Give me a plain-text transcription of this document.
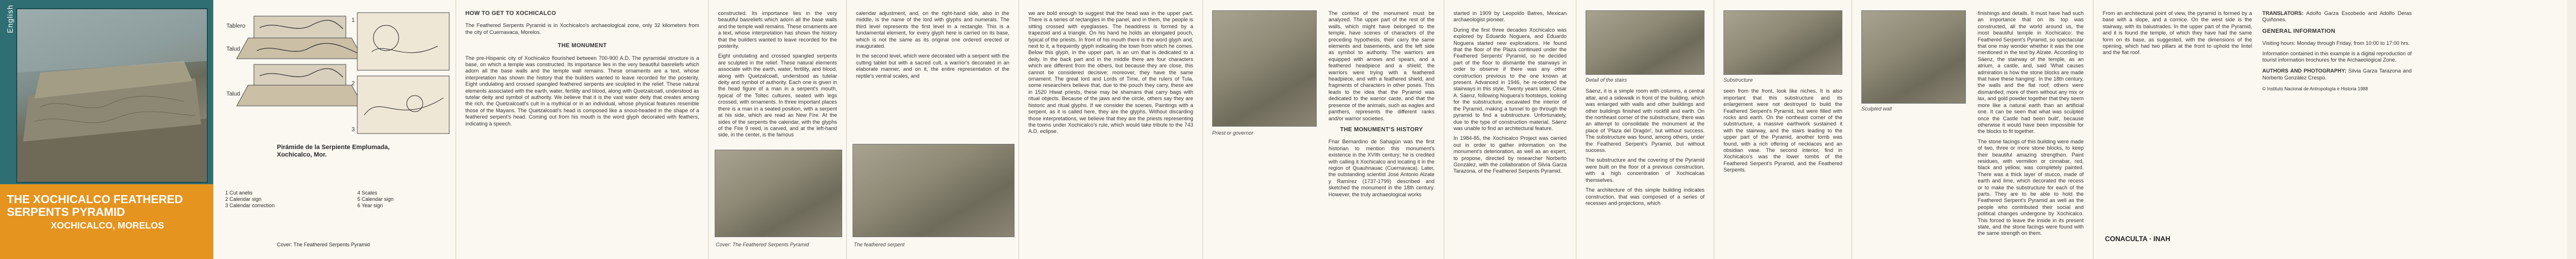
English
THE XOCHICALCO FEATHERED SERPENTS PYRAMID
XOCHICALCO, MORELOS
Tablero
Talud
Talud
1
2
3
Pirámide de la Serpiente Emplumada,
Xochicalco, Mor.
1 Cut anelis
2 Calendar sign
3 Calendar correction
4 Scales
5 Calendar sign
6 Year sign
Cover: The Feathered Serpents Pyramid
HOW TO GET TO XOCHICALCO

The Feathered Serpents Pyramid is in Xochicalco's archaeological zone, only 32 kilometers from the city of Cuernavaca, Morelos.

THE MONUMENT

The pre-Hispanic city of Xochicalco flourished between 700-900 A.D. The pyramidal structure is a base, on which a temple was constructed. Its importance lies in the very beautiful basreliefs which adorn all the base walls and the temple wall remains. These ornaments are a text, whose interpretation has shown the history that the builders wanted to leave recorded for the posterity. Eight undulating and crossed spangled feathered serpents are sculpted in the relief. These natural elements associated with the earth, water, fertility and blood, along with Quetzalcoatl, understood as tutelar deity and symbol of authority. We believe that it is the vast water deity that creates among the rich, the Quetzalcoatl's cult in a mythical or in an individual, whose physical features resemble those of the Mayans. The Quetzalcoatl's head is composed like a snout-headed in the shape of a feathered serpent's head. Coming out from his mouth is the word glyph decorated with feathers, indicating a speech.

constructed. Its importance lies in the very beautiful basreliefs which adorn all the base walls and the temple wall remains. These ornaments are a text, whose interpretation has shown the history that the builders wanted to leave recorded for the posterity.

Eight undulating and crossed spangled serpents are sculpted in the relief. These natural elements associate with the earth, water, fertility, and blood, along with Quetzalcoatl, understood as tutelar deity and symbol of authority. Each one is given in the head figure of a man in a serpent's mouth, typical of the Toltec cultures, seated with legs crossed, with ornaments. In three important places there is a man in a seated position, with a serpent at his side, which are read as New Fire. At the sides of the serpents the calendar, with the glyphs of the Fire 9 reed, is carved, and at the left-hand side, in the center, is the famous

Cover: The Feathered Serpents Pyramid

calendar adjustment, and, on the right-hand side, also in the middle, is the name of the lord with glyphs and numerals. The third level represents the first level in a rectangle. This is a fundamental element, for every glyph here is carried on its base, which is not the same as its original one ordered erected or inaugurated.

In the second level, which were decorated with a serpent with the cutting tablet but with a sacred cult, a warrior's decorated in an elaborate manner, and on it, the entire representation of the reptile's ventral scales, and

The feathered serpent

we are bold enough to suggest that the head was in the upper part. There is a series of rectangles in the panel, and in them, the people is sitting crossed with eyeglasses. The headdress is formed by a trapezoid and a triangle. On his hand he holds an elongated pouch, typical of the priests. In front of his mouth there is the word glyph and, next to it, a frequently glyph indicating the town from which he comes. Below this glyph, in the upper part, is an urn that is dedicated to a deity. In the back part and in the middle there are four characters which are different from the others, but because they are close, this cannot be considered decisive; moreover, they have the same ornament. The great lord and Lords of Time, of the rulers of Tula, some researchers believe that, due to the pouch they carry, these are in 1520 Hiwat priests, these may be shamans that carry bags with ritual objects. Because of the jaws and the circle, others say they are historic and ritual glyphs. If we consider the scenes, Paintings with a serpent, as it is called here, they are the glyphs. Without discarding those interpretations, we believe that they are the priests representing the towns under Xochicalco's rule, which would take tribute to the 743 A.D. eclipse.	Priest or governor

The context of the monument must be analyzed. The upper part of the rest of the walls, which might have belonged to the temple, have scenes of characters of the preceding hypothesis, their carry the same elements and basements, and the left side as symbol to authority. The warriors are equipped with arrows and spears, and a feathered headpiece and a shield; the warriors were trying with a feathered headpiece, and with a feathered shield, and fragments of characters in other poses. This leads to the idea that the Pyramid was dedicated to the warrior caste, and that the presence of the animals, such as eagles and panthers, represents the different ranks and/or warrior societies.

THE MONUMENT'S HISTORY

Friar Bernardino de Sahagún was the first historian to mention this monument's existence in the XVIth century; he is credited with calling it Xochicalco and locating it in the region of Quauhnauac (Cuernavaca). Later, the outstanding scientist José Antonio Alzate y Ramírez (1737-1799) described and sketched the monument in the 18th century. However, the truly archaeological works

started in 1909 by Leopoldo Batres, Mexican archaeologist pioneer.

During the first three decades Xochicalco was explored by Eduardo Noguera, and Eduardo Noguera started new explorations. He found that the floor of the Plaza continued under the Feathered Serpents' Pyramid, so he decided part of the floor to dismantle the stairways in order to observe if there was any other construction previous to the one known at present. Advanced in 1946, he re-ordered the stairways in this style. Twenty years later, César A. Sáenz, following Noguera's footsteps, looking for the substructure, excavated the interior of the Pyramid, making a tunnel to go through the pyramid to find a substructure. Unfortunately, due to the type of construction material, Sáenz was unable to find an architectural feature.

In 1984-85, the Xochicalco Project was carried out in order to gather information on the monument's deterioration, as well as an expert, to propose, directed by researcher Norberto González, with the collaboration of Silvia Garza Tarazona, of the Feathered Serpents Pyramid.

Detail of the stairs

Sáenz, it is a simple room with columns, a central altar, and a sidewalk in front of the building, which was enlarged with walls and other buildings and other buildings finished with rockfill and earth. On the northeast corner of the substructure, there was an attempt to consolidate the monument at the place of 'Plaza del Dragón', but without success. The substructure was found, among others, under the Feathered Serpent's Pyramid, but without success.

The substructure and the covering of the Pyramid were built on the floor of a previous construction, with a high concentration of Xochicalcas themselves.

The architecture of this simple building indicates construction, that was composed of a series of recesses and projections, which

Substructure

seen from the front, look like niches. It is also important that this substructure and its enlargement were not destroyed to build the Feathered Serpent's Pyramid, but were filled with rocks and earth. On the northeast corner of the substructure, a massive earthwork sustained it with the stairway, and the stairs leading to the upper part of the Pyramid, another tomb was found, with a rich offering of necklaces and an obsidian vase. The second interior, find in Xochicalco's was the lower tombs of the Feathered Serpent's Pyramid, and the Feathered Serpents.

Sculpted wall

finishings and details. It must have had such an importance that on its top was constructed, all the world around us, the most beautiful temple in Xochicalco: the Feathered Serpent's Pyramid, so spectacular that one may wonder whether it was the one mentioned in the text by Alzate. According to Sáenz, the stairway of the temple, as an atrium, a castle, and, said 'What causes admiration is how the stone blocks are made that have these hanging'. In the 18th century, the walls and the flat roof; others were dismantled; more of them without any mix or lax, and gold powder together that they seem more like a natural earth than an artificial one. It can be seen that what was sculpted once the Castle had been built', because otherwise it would have been impossible for the blocks to fit together.

The stone facings of this building were made of two, three or more stone blocks, to keep their beautiful amazing strengthen. Paint residues, with vermilion or cinnabar, red, black and yellow, was completely painted. There was a thick layer of stucco, made of earth and lime, which decorated the recess or to make the substructure for each of the parts. They are to be able to hold the Feathered Serpent's Pyramid as well as the people who contributed their social and political changes undergone by Xochicalco. This forced to leave the inside in its present state, and the stone facings were found with the same strength on them.

From an architectural point of view, the pyramid is formed by a base with a slope, and a cornice. On the west side is the stairway, with its balustrades. In the upper part of the Pyramid, and it is found the temple, of which they have had the same form on its base, as suggested, with the dimensions of the opening, which had two pillars at the front to uphold the lintel and the flat roof.

TRANSLATORS: Adolfo Garza Escobedo and Adolfo Deras Quiñones.

GENERAL INFORMATION

Visiting hours: Monday through Friday, from 10:00 to 17:00 hrs.

Information contained in this example is a digital reproduction of tourist information brochures for the Archaeological Zone.

AUTHORS AND PHOTOGRAPHY: Silvia Garza Tarazona and Norberto González Crespo.

© Instituto Nacional de Antropología e Historia 1988

CONACULTA · INAH
